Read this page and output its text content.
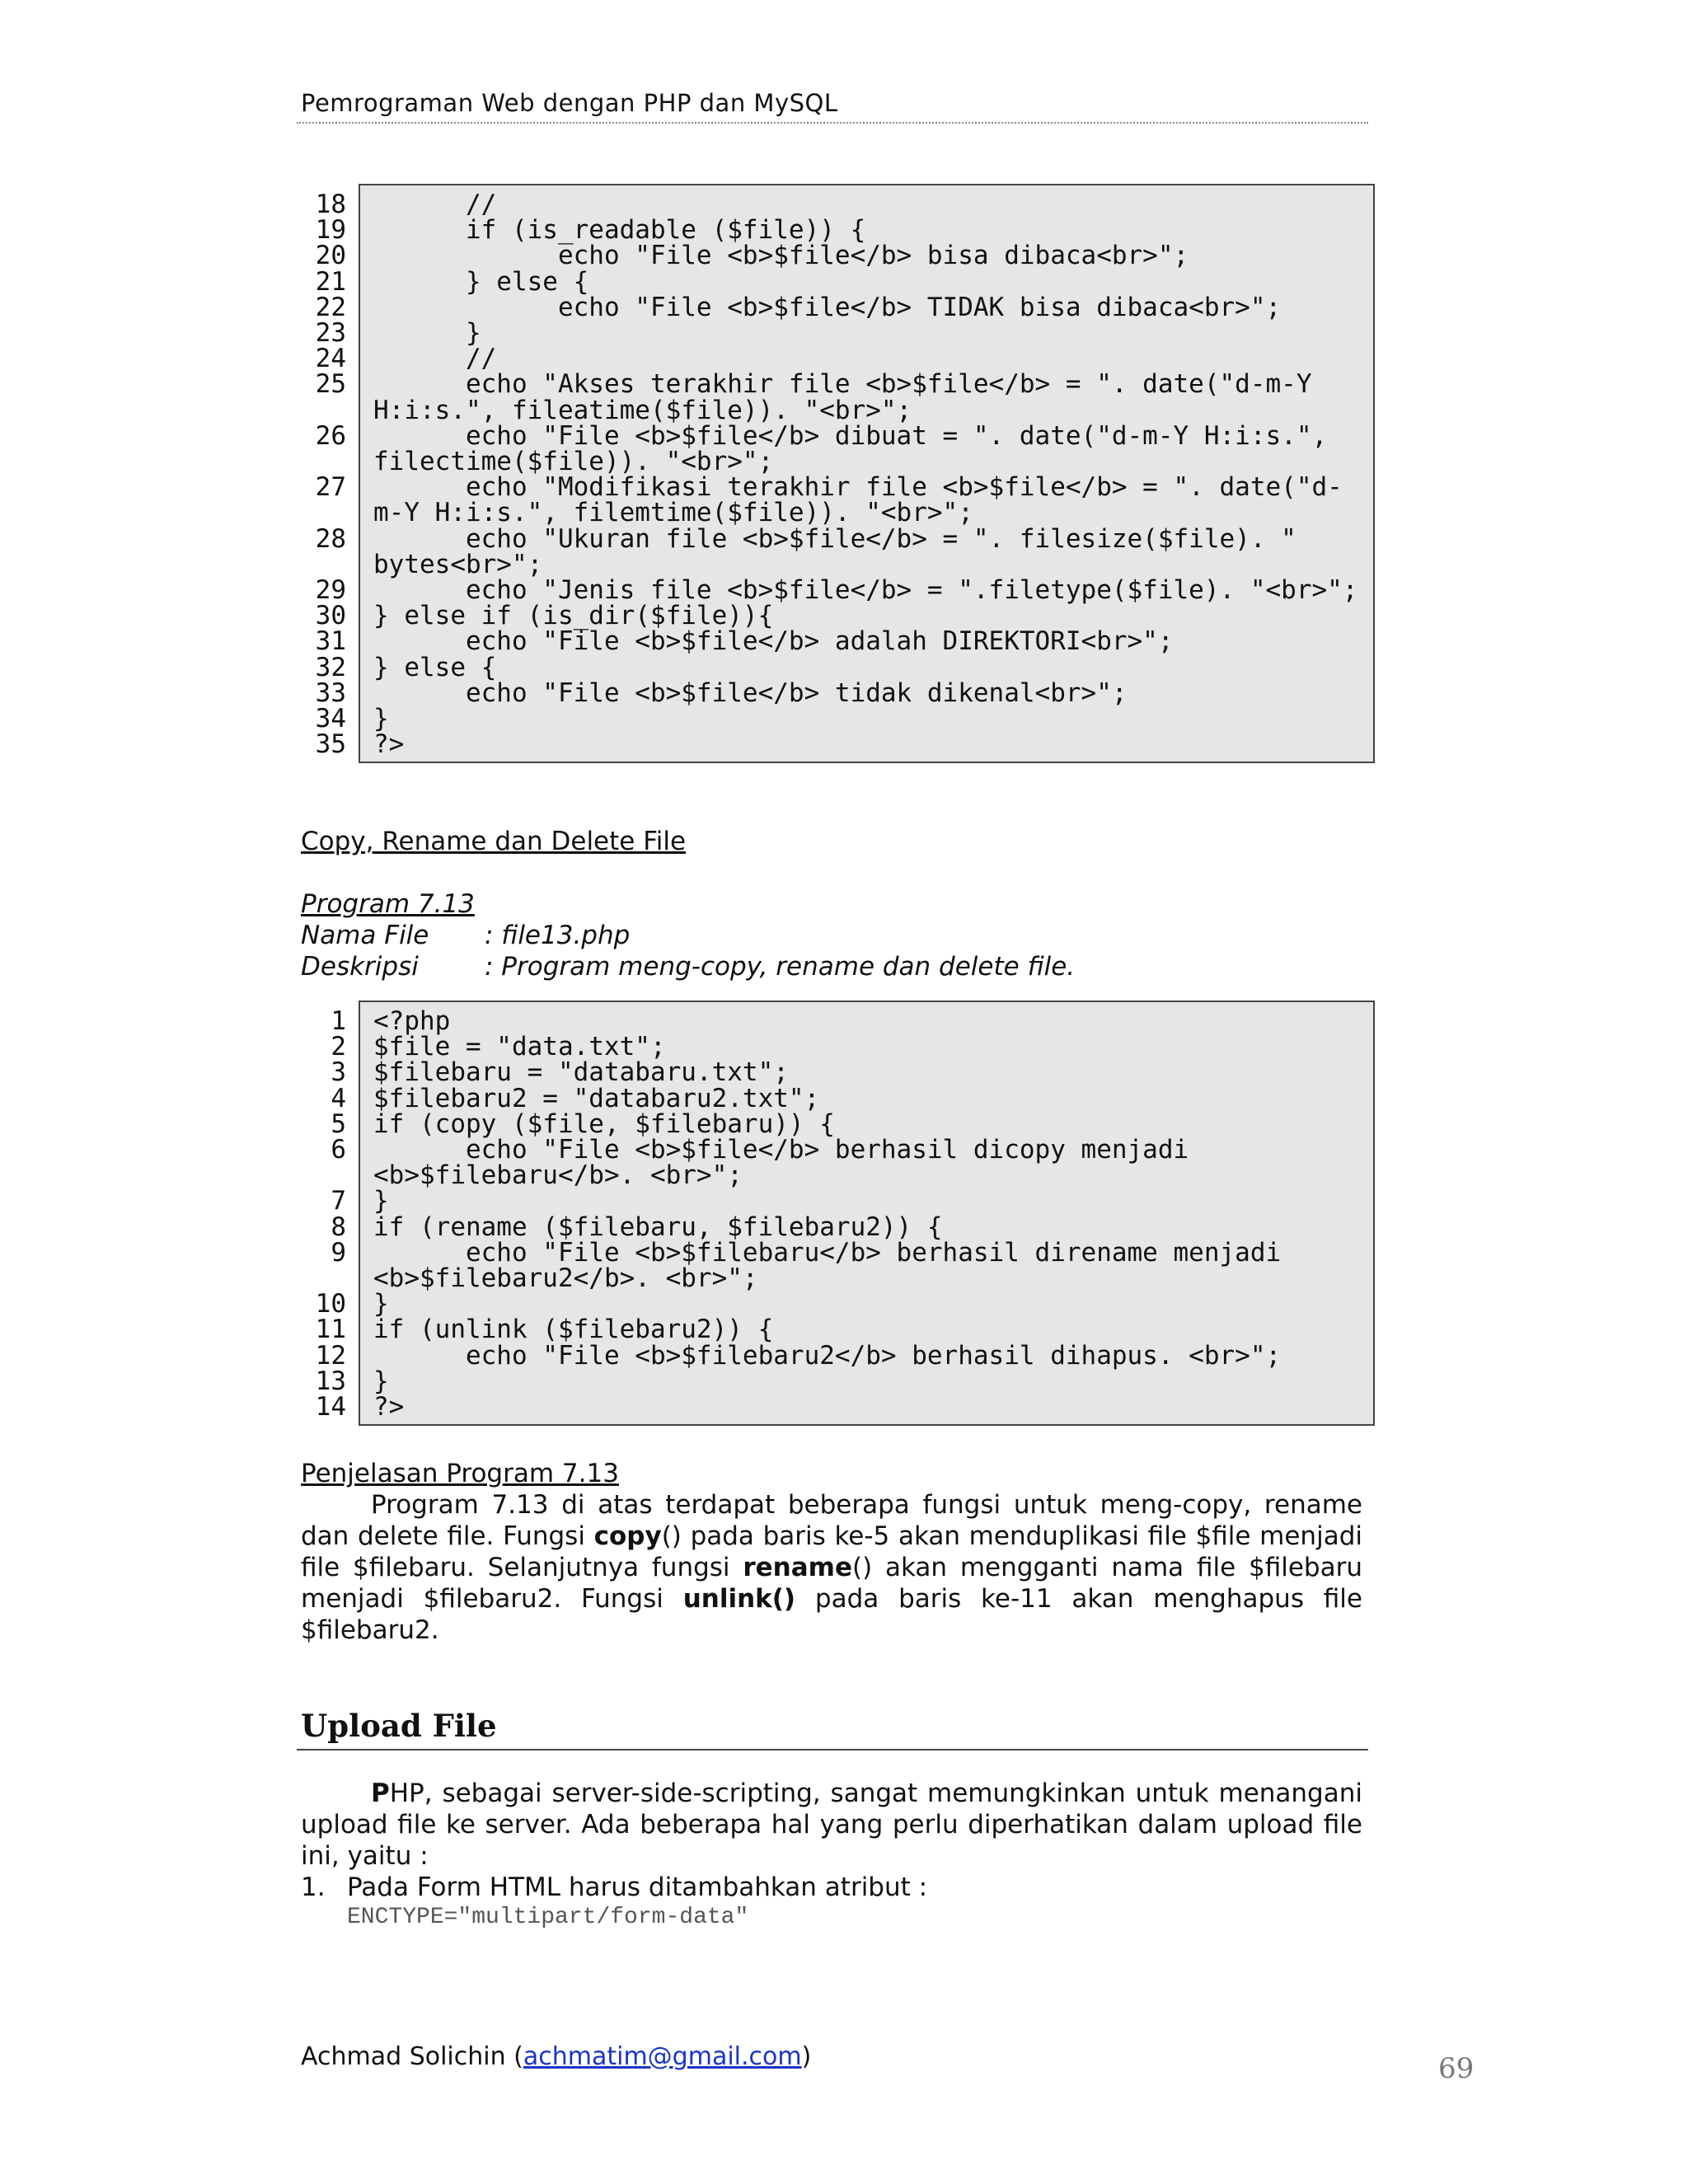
Pemrograman Web dengan PHP dan MySQL
18
19
20
21
22
23
24
25

26

27

28

29
30
31
32
33
34
35
//
if (is_readable ($file)) {
echo "File <b>$file</b> bisa dibaca<br>";
} else {
echo "File <b>$file</b> TIDAK bisa dibaca<br>";
}
//
echo "Akses terakhir file <b>$file</b> = ". date("d-m-Y
H:i:s.", fileatime($file)). "<br>";
echo "File <b>$file</b> dibuat = ". date("d-m-Y H:i:s.",
filectime($file)). "<br>";
echo "Modifikasi terakhir file <b>$file</b> = ". date("d-
m-Y H:i:s.", filemtime($file)). "<br>";
echo "Ukuran file <b>$file</b> = ". filesize($file). "
bytes<br>";
echo "Jenis file <b>$file</b> = ".filetype($file). "<br>";
} else if (is_dir($file)){
echo "File <b>$file</b> adalah DIREKTORI<br>";
} else {
echo "File <b>$file</b> tidak dikenal<br>";
}
?>
Copy, Rename dan Delete File
Program 7.13
Nama File : file13.php
Deskripsi	: Program meng-copy, rename dan delete file.
1
2
3
4
5
6

7
8
9

10
11
12
13
14
<?php
$file = "data.txt";
$filebaru = "databaru.txt";
$filebaru2 = "databaru2.txt";
if (copy ($file, $filebaru)) {
echo "File <b>$file</b> berhasil dicopy menjadi
<b>$filebaru</b>. <br>";
}
if (rename ($filebaru, $filebaru2)) {
echo "File <b>$filebaru</b> berhasil direname menjadi
<b>$filebaru2</b>. <br>";
}
if (unlink ($filebaru2)) {
echo "File <b>$filebaru2</b> berhasil dihapus. <br>";
}
?>
Penjelasan Program 7.13
Program 7.13 di atas terdapat beberapa fungsi untuk meng-copy, rename dan delete file. Fungsi copy() pada baris ke-5 akan menduplikasi file $file menjadi file $filebaru. Selanjutnya fungsi rename() akan mengganti nama file $filebaru menjadi $filebaru2. Fungsi unlink() pada baris ke-11 akan menghapus file $filebaru2.
Upload File
PHP, sebagai server-side-scripting, sangat memungkinkan untuk menangani upload file ke server. Ada beberapa hal yang perlu diperhatikan dalam upload file ini, yaitu :
1. Pada Form HTML harus ditambahkan atribut :
ENCTYPE="multipart/form-data"
Achmad Solichin (achmatim@gmail.com)	69
